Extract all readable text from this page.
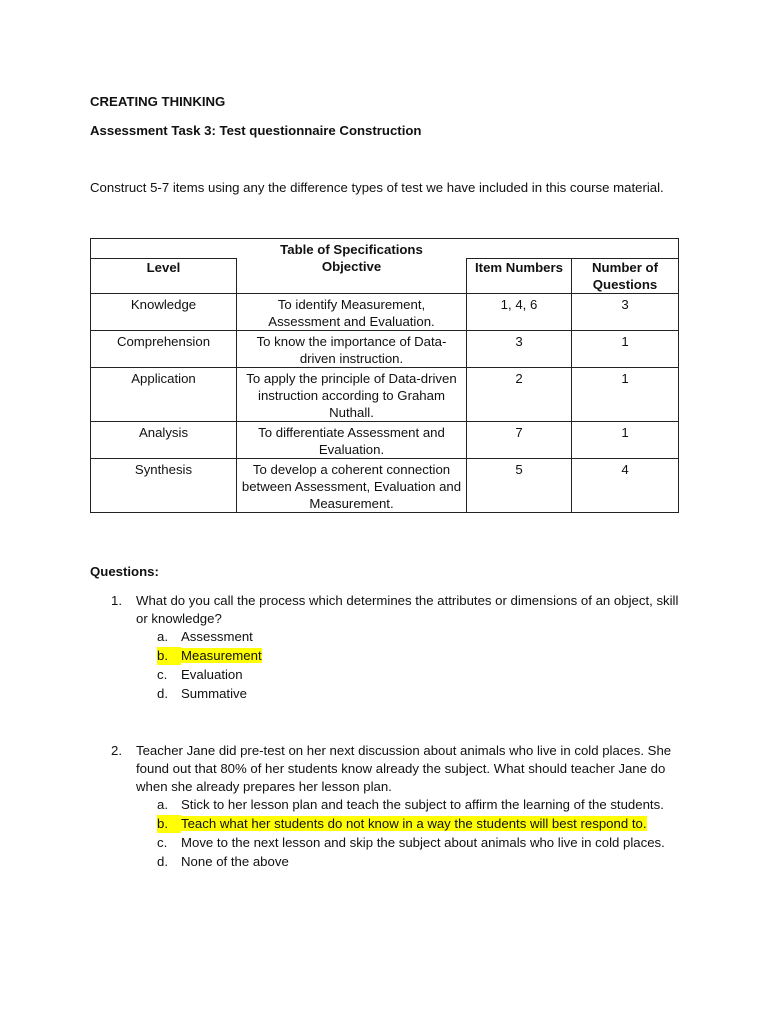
CREATING THINKING
Assessment Task 3: Test questionnaire Construction
Construct 5-7 items using any the difference types of test we have included in this course material.
	Table of Specifications		
Level	Objective	Item Numbers	Number of Questions
Knowledge	To identify Measurement, Assessment and Evaluation.	1, 4, 6	3
Comprehension	To know the importance of Data-driven instruction.	3	1
Application	To apply the principle of Data-driven instruction according to Graham Nuthall.	2	1
Analysis	To differentiate Assessment and Evaluation.	7	1
Synthesis	To develop a coherent connection between Assessment, Evaluation and Measurement.	5	4
Questions:
1.	What do you call the process which determines the attributes or dimensions of an object, skill or knowledge?
a. Assessment
b. Measurement
c. Evaluation
d. Summative
2.	Teacher Jane did pre-test on her next discussion about animals who live in cold places. She found out that 80% of her students know already the subject. What should teacher Jane do when she already prepares her lesson plan.
a. Stick to her lesson plan and teach the subject to affirm the learning of the students.
b. Teach what her students do not know in a way the students will best respond to.
c. Move to the next lesson and skip the subject about animals who live in cold places.
d. None of the above
